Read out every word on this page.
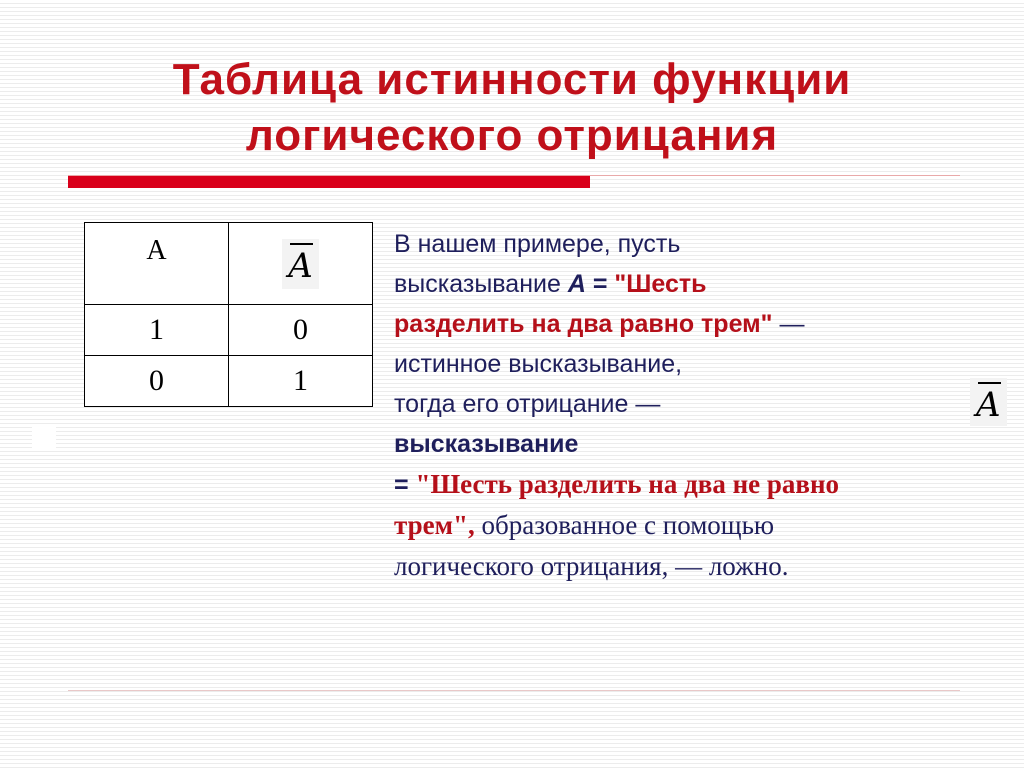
Таблица истинности функции
логического отрицания
A	A
1	0
0	1
В нашем примере, пусть
высказывание А = "Шесть
разделить на два равно трем" —
истинное высказывание,
тогда его отрицание —
высказывание
= "Шесть разделить на два не равно
трем", образованное с помощью
логического отрицания, — ложно.
A
